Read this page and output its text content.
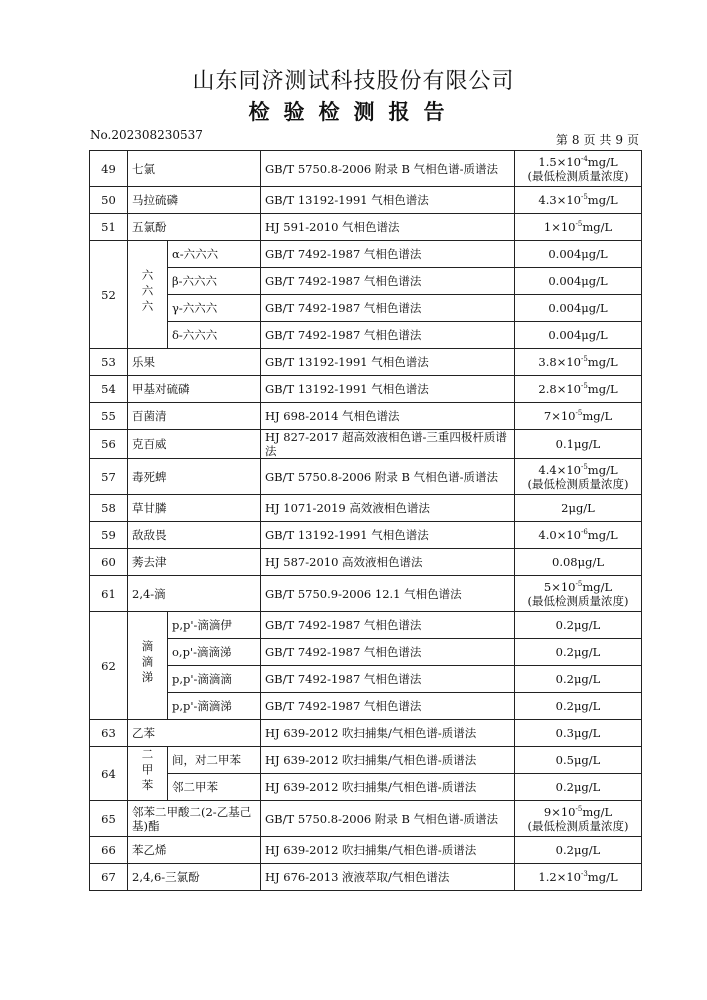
山东同济测试科技股份有限公司
检验检测报告
No.202308230537	第 8 页 共 9 页
49	七氯		GB/T 5750.8-2006 附录 B 气相色谱-质谱法	$1.5\times 10^{-4}mg/L$
(最低检测质量浓度)
50	马拉硫磷		GB/T 13192-1991 气相色谱法	$4.3\times 10^{-5}mg/L$
51	五氯酚		HJ 591-2010 气相色谱法	$1\times 10^{-5}mg/L$
52	六六六	α-六六六	GB/T 7492-1987 气相色谱法	0.004μg/L
		β-六六六	GB/T 7492-1987 气相色谱法	0.004μg/L
		γ-六六六	GB/T 7492-1987 气相色谱法	0.004μg/L
		δ-六六六	GB/T 7492-1987 气相色谱法	0.004μg/L
53	乐果		GB/T 13192-1991 气相色谱法	$3.8\times 10^{-5}mg/L$
54	甲基对硫磷		GB/T 13192-1991 气相色谱法	$2.8\times 10^{-5}mg/L$
55	百菌清		HJ 698-2014 气相色谱法	$7\times 10^{-5}mg/L$
56	克百威		HJ 827-2017 超高效液相色谱-三重四极杆质谱法	0.1μg/L
57	毒死蜱		GB/T 5750.8-2006 附录 B 气相色谱-质谱法	$4.4\times 10^{-5}mg/L$
(最低检测质量浓度)
58	草甘膦		HJ 1071-2019 高效液相色谱法	2μg/L
59	敌敌畏		GB/T 13192-1991 气相色谱法	$4.0\times 10^{-6}mg/L$
60	莠去津		HJ 587-2010 高效液相色谱法	0.08μg/L
61	2,4-滴		GB/T 5750.9-2006 12.1 气相色谱法	$5\times 10^{-5}mg/L$
(最低检测质量浓度)
62	滴滴涕	p,p'-滴滴伊	GB/T 7492-1987 气相色谱法	0.2μg/L
		o,p'-滴滴涕	GB/T 7492-1987 气相色谱法	0.2μg/L
		p,p'-滴滴滴	GB/T 7492-1987 气相色谱法	0.2μg/L
		p,p'-滴滴涕	GB/T 7492-1987 气相色谱法	0.2μg/L
63	乙苯		HJ 639-2012 吹扫捕集/气相色谱-质谱法	0.3μg/L
64	二甲苯	间，对二甲苯	HJ 639-2012 吹扫捕集/气相色谱-质谱法	0.5μg/L
		邻二甲苯	HJ 639-2012 吹扫捕集/气相色谱-质谱法	0.2μg/L
65	邻苯二甲酸二(2-乙基己基)酯		GB/T 5750.8-2006 附录 B 气相色谱-质谱法	$9\times 10^{-5}mg/L$
(最低检测质量浓度)
66	苯乙烯		HJ 639-2012 吹扫捕集/气相色谱-质谱法	0.2μg/L
67	2,4,6-三氯酚		HJ 676-2013 液液萃取/气相色谱法	$1.2\times 10^{-3}mg/L$
